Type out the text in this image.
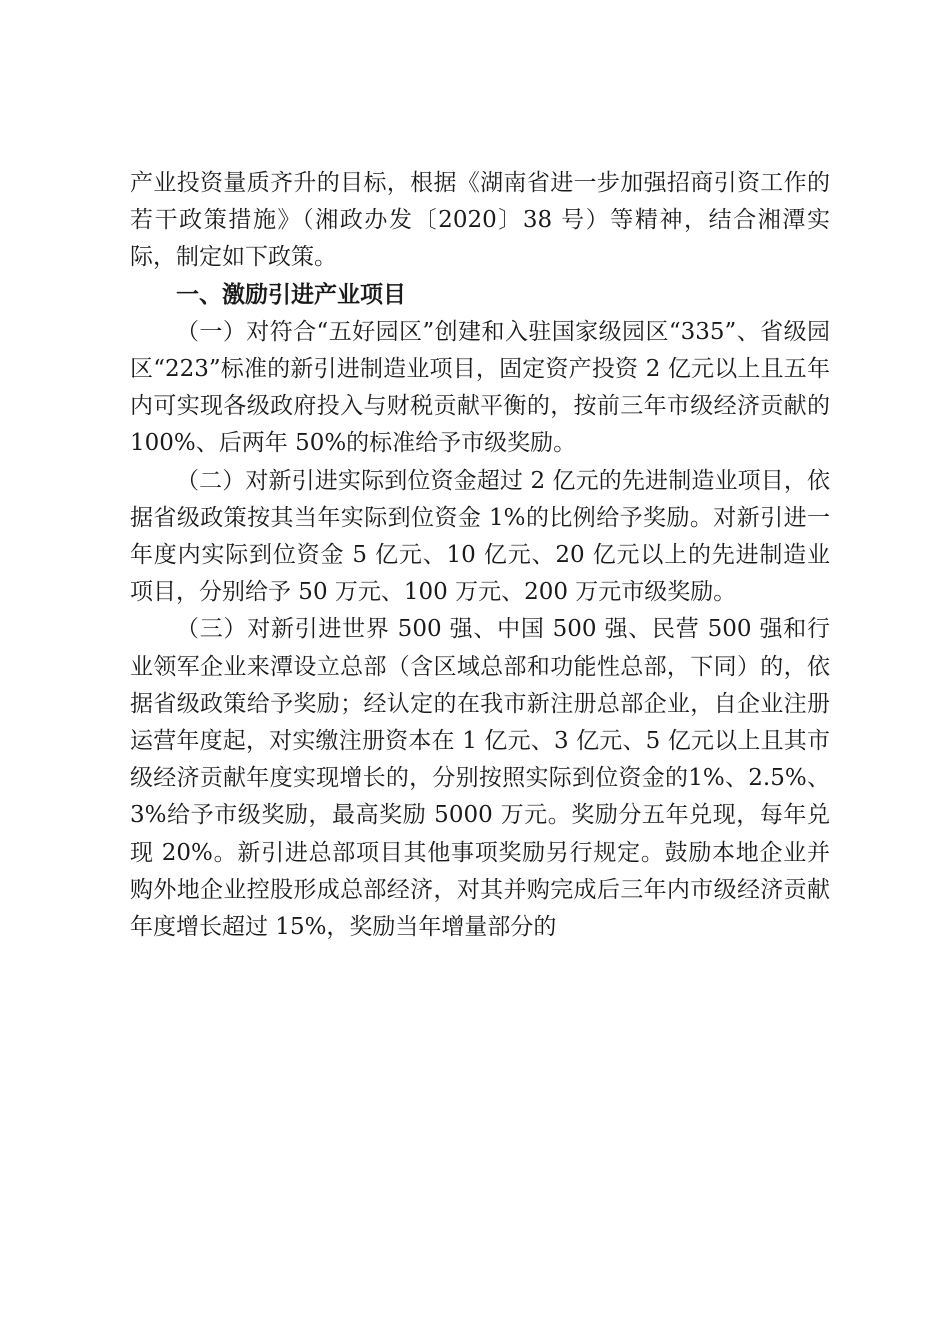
产业投资量质齐升的目标，根据《湖南省进一步加强招商引资工作的若干政策措施》（湘政办发〔2020〕38 号）等精神，结合湘潭实际，制定如下政策。

一、激励引进产业项目

（一）对符合“五好园区”创建和入驻国家级园区“335”、省级园区“223”标准的新引进制造业项目，固定资产投资 2 亿元以上且五年内可实现各级政府投入与财税贡献平衡的，按前三年市级经济贡献的 100%、后两年 50%的标准给予市级奖励。

（二）对新引进实际到位资金超过 2 亿元的先进制造业项目，依据省级政策按其当年实际到位资金 1%的比例给予奖励。对新引进一年度内实际到位资金 5 亿元、10 亿元、20 亿元以上的先进制造业项目，分别给予 50 万元、100 万元、200 万元市级奖励。

（三）对新引进世界 500 强、中国 500 强、民营 500 强和行业领军企业来潭设立总部（含区域总部和功能性总部，下同）的，依据省级政策给予奖励；经认定的在我市新注册总部企业，自企业注册运营年度起，对实缴注册资本在 1 亿元、3 亿元、5 亿元以上且其市级经济贡献年度实现增长的，分别按照实际到位资金的1%、2.5%、3%给予市级奖励，最高奖励 5000 万元。奖励分五年兑现，每年兑现 20%。新引进总部项目其他事项奖励另行规定。鼓励本地企业并购外地企业控股形成总部经济，对其并购完成后三年内市级经济贡献年度增长超过 15%，奖励当年增量部分的
